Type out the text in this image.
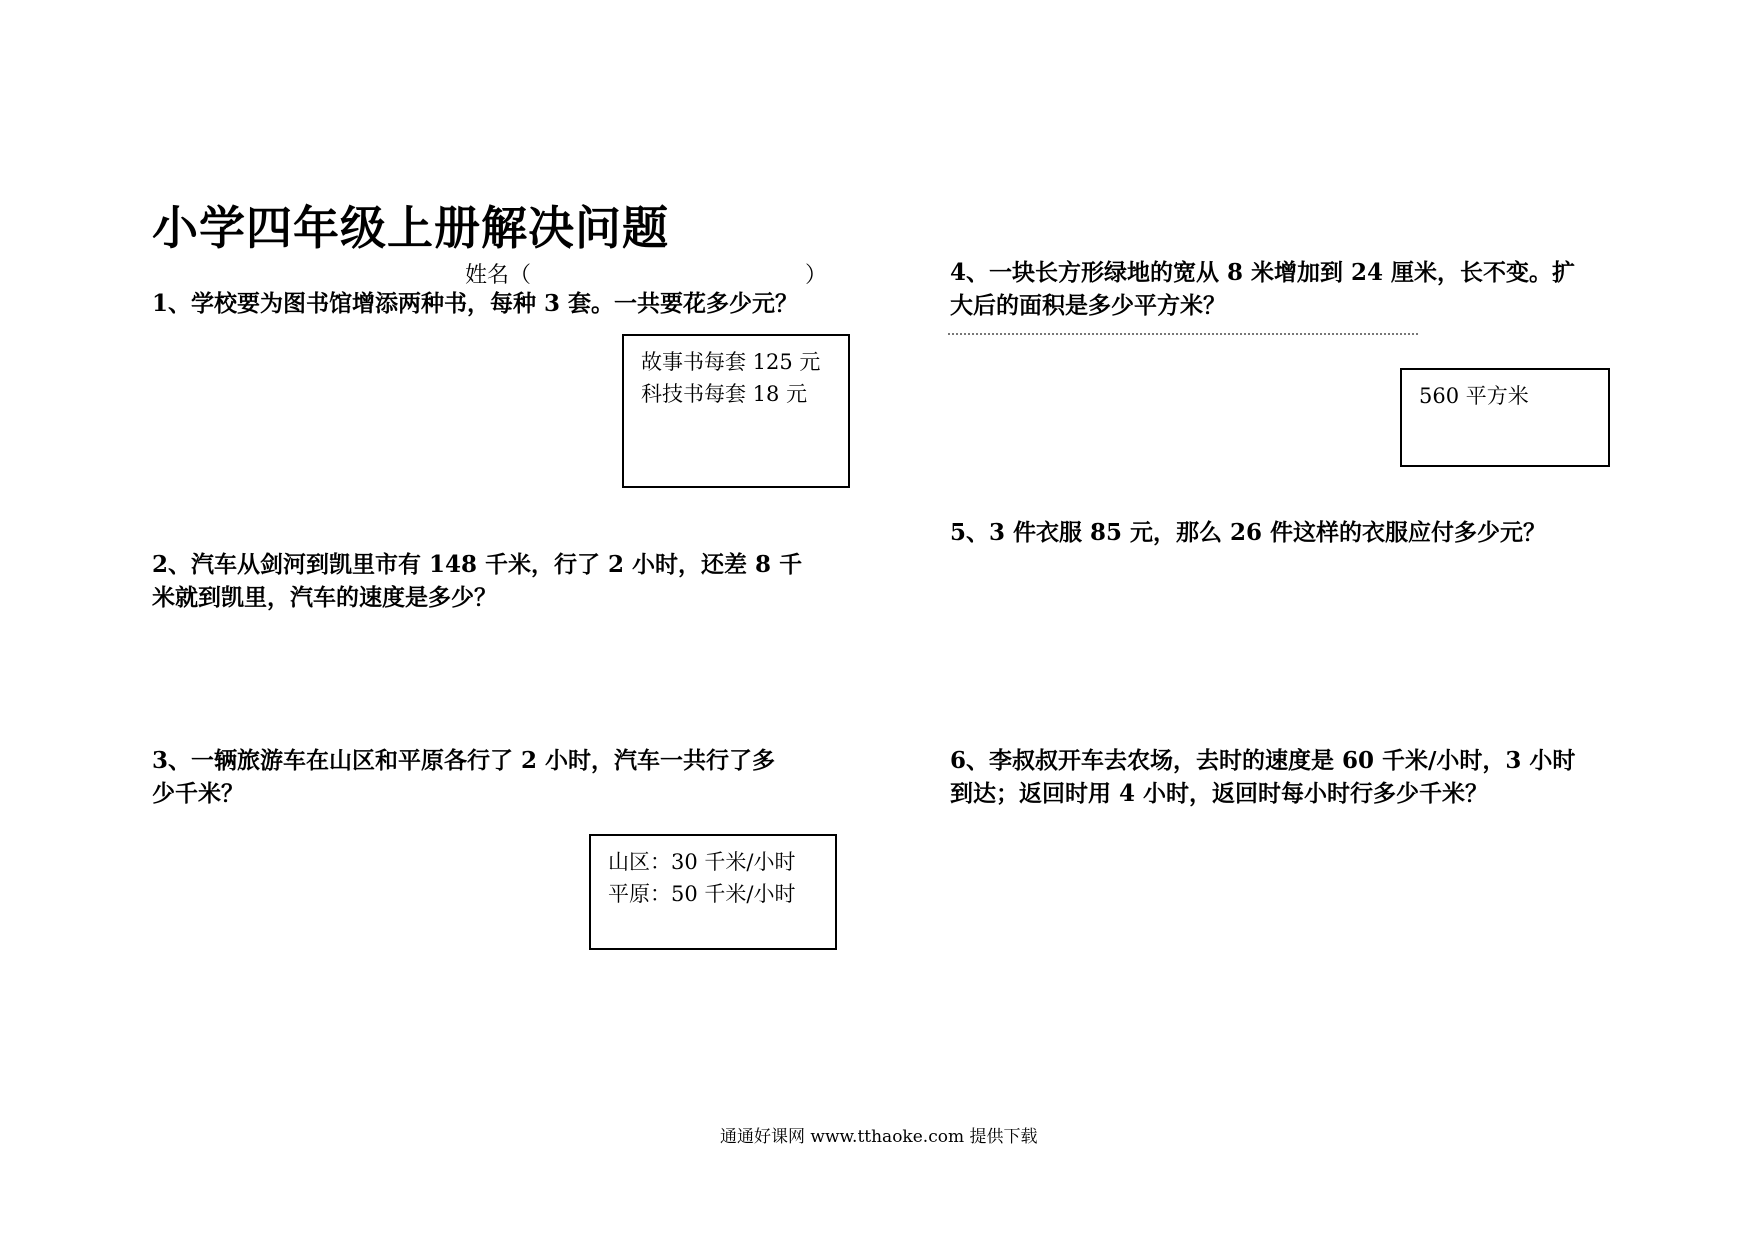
小学四年级上册解决问题
姓名（	）
1、学校要为图书馆增添两种书，每种 3 套。一共要花多少元？
故事书每套 125 元
科技书每套 18 元
2、汽车从剑河到凯里市有 148 千米，行了 2 小时，还差 8 千
米就到凯里，汽车的速度是多少？
3、一辆旅游车在山区和平原各行了 2 小时，汽车一共行了多
少千米？
山区：30 千米/小时
平原：50 千米/小时
4、一块长方形绿地的宽从 8 米增加到 24 厘米，长不变。扩
大后的面积是多少平方米？
560 平方米
5、3 件衣服 85 元，那么 26 件这样的衣服应付多少元？
6、李叔叔开车去农场，去时的速度是 60 千米/小时，3 小时
到达；返回时用 4 小时，返回时每小时行多少千米？
通通好课网 www.tthaoke.com 提供下载
